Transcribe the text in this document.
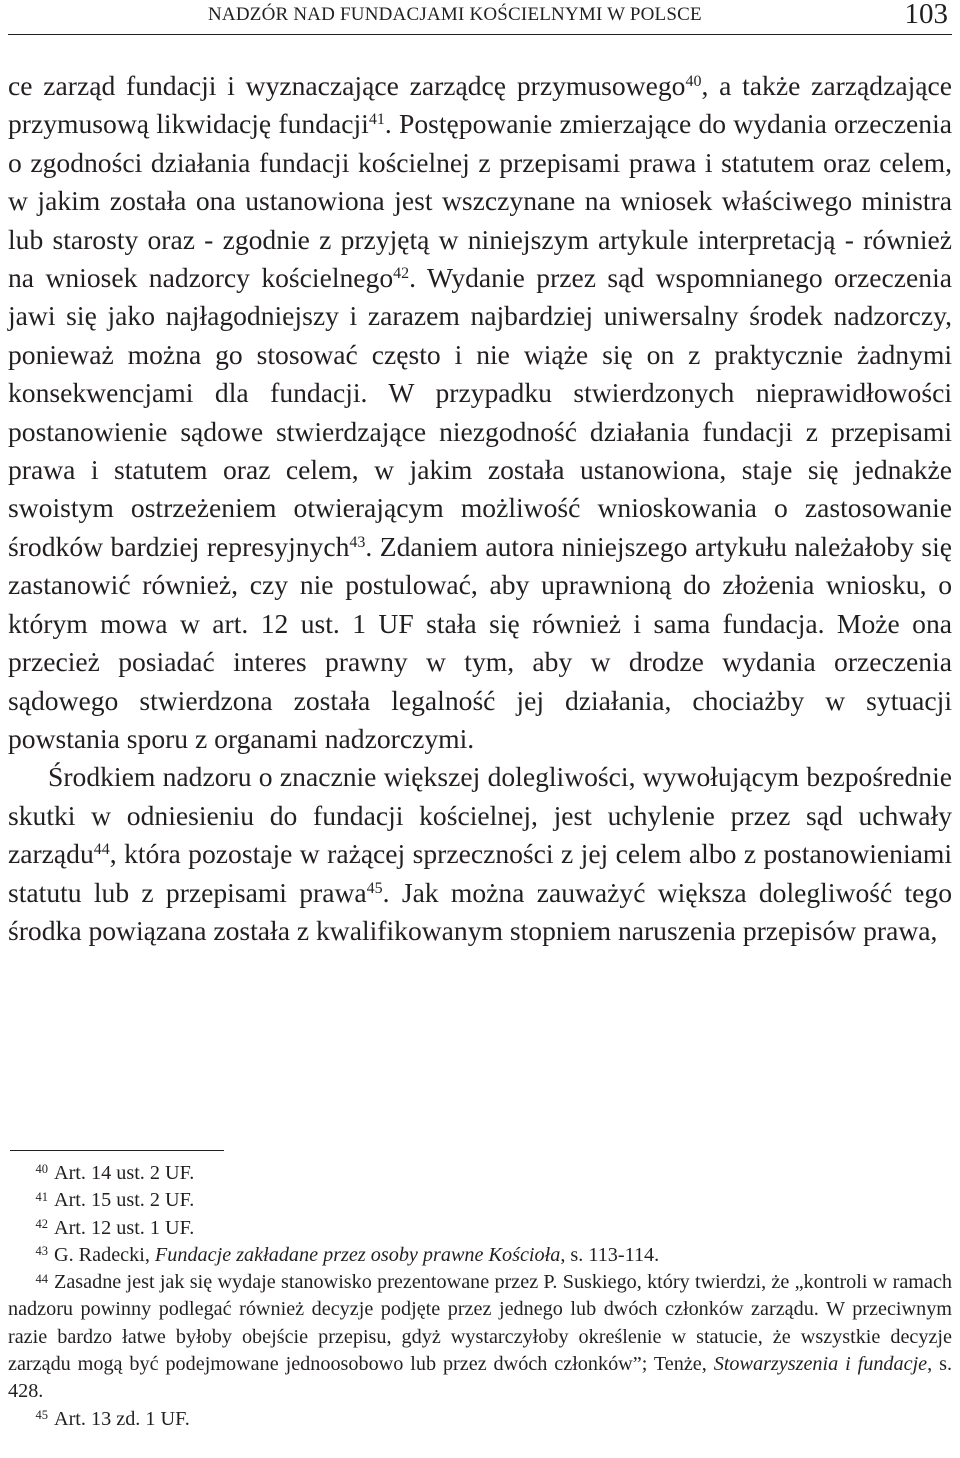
NADZÓR NAD FUNDACJAMI KOŚCIELNYMI W POLSCE	103

ce zarząd fundacji i wyznaczające zarządcę przymusowego$^{40}$, a także zarządzające przymusową likwidację fundacji$^{41}$. Postępowanie zmierzające do wydania orzeczenia o zgodności działania fundacji kościelnej z przepisami prawa i statutem oraz celem, w jakim została ona ustanowiona jest wszczynane na wniosek właściwego ministra lub starosty oraz - zgodnie z przyjętą w niniejszym artykule interpretacją - również na wniosek nadzorcy kościelnego$^{42}$. Wydanie przez sąd wspomnianego orzeczenia jawi się jako najłagodniejszy i zarazem najbardziej uniwersalny środek nadzorczy, ponieważ można go stosować często i nie wiąże się on z praktycznie żadnymi konsekwencjami dla fundacji. W przypadku stwierdzonych nieprawidłowości postanowienie sądowe stwierdzające niezgodność działania fundacji z przepisami prawa i statutem oraz celem, w jakim została ustanowiona, staje się jednakże swoistym ostrzeżeniem otwierającym możliwość wnioskowania o zastosowanie środków bardziej represyjnych$^{43}$. Zdaniem autora niniejszego artykułu należałoby się zastanowić również, czy nie postulować, aby uprawnioną do złożenia wniosku, o którym mowa w art. 12 ust. 1 UF stała się również i sama fundacja. Może ona przecież posiadać interes prawny w tym, aby w drodze wydania orzeczenia sądowego stwierdzona została legalność jej działania, chociażby w sytuacji powstania sporu z organami nadzorczymi.

Środkiem nadzoru o znacznie większej dolegliwości, wywołującym bezpośrednie skutki w odniesieniu do fundacji kościelnej, jest uchylenie przez sąd uchwały zarządu$^{44}$, która pozostaje w rażącej sprzeczności z jej celem albo z postanowieniami statutu lub z przepisami prawa$^{45}$. Jak można zauważyć większa dolegliwość tego środka powiązana została z kwalifikowanym stopniem naruszenia przepisów prawa,

40 Art. 14 ust. 2 UF.

41 Art. 15 ust. 2 UF.

42 Art. 12 ust. 1 UF.

43 G. Radecki, Fundacje zakładane przez osoby prawne Kościoła, s. 113-114.

44 Zasadne jest jak się wydaje stanowisko prezentowane przez P. Suskiego, który twierdzi, że „kontroli w ramach nadzoru powinny podlegać również decyzje podjęte przez jednego lub dwóch członków zarządu. W przeciwnym razie bardzo łatwe byłoby obejście przepisu, gdyż wystarczyłoby określenie w statucie, że wszystkie decyzje zarządu mogą być podejmowane jednoosobowo lub przez dwóch członków”; Tenże, Stowarzyszenia i fundacje, s. 428.

45 Art. 13 zd. 1 UF.
